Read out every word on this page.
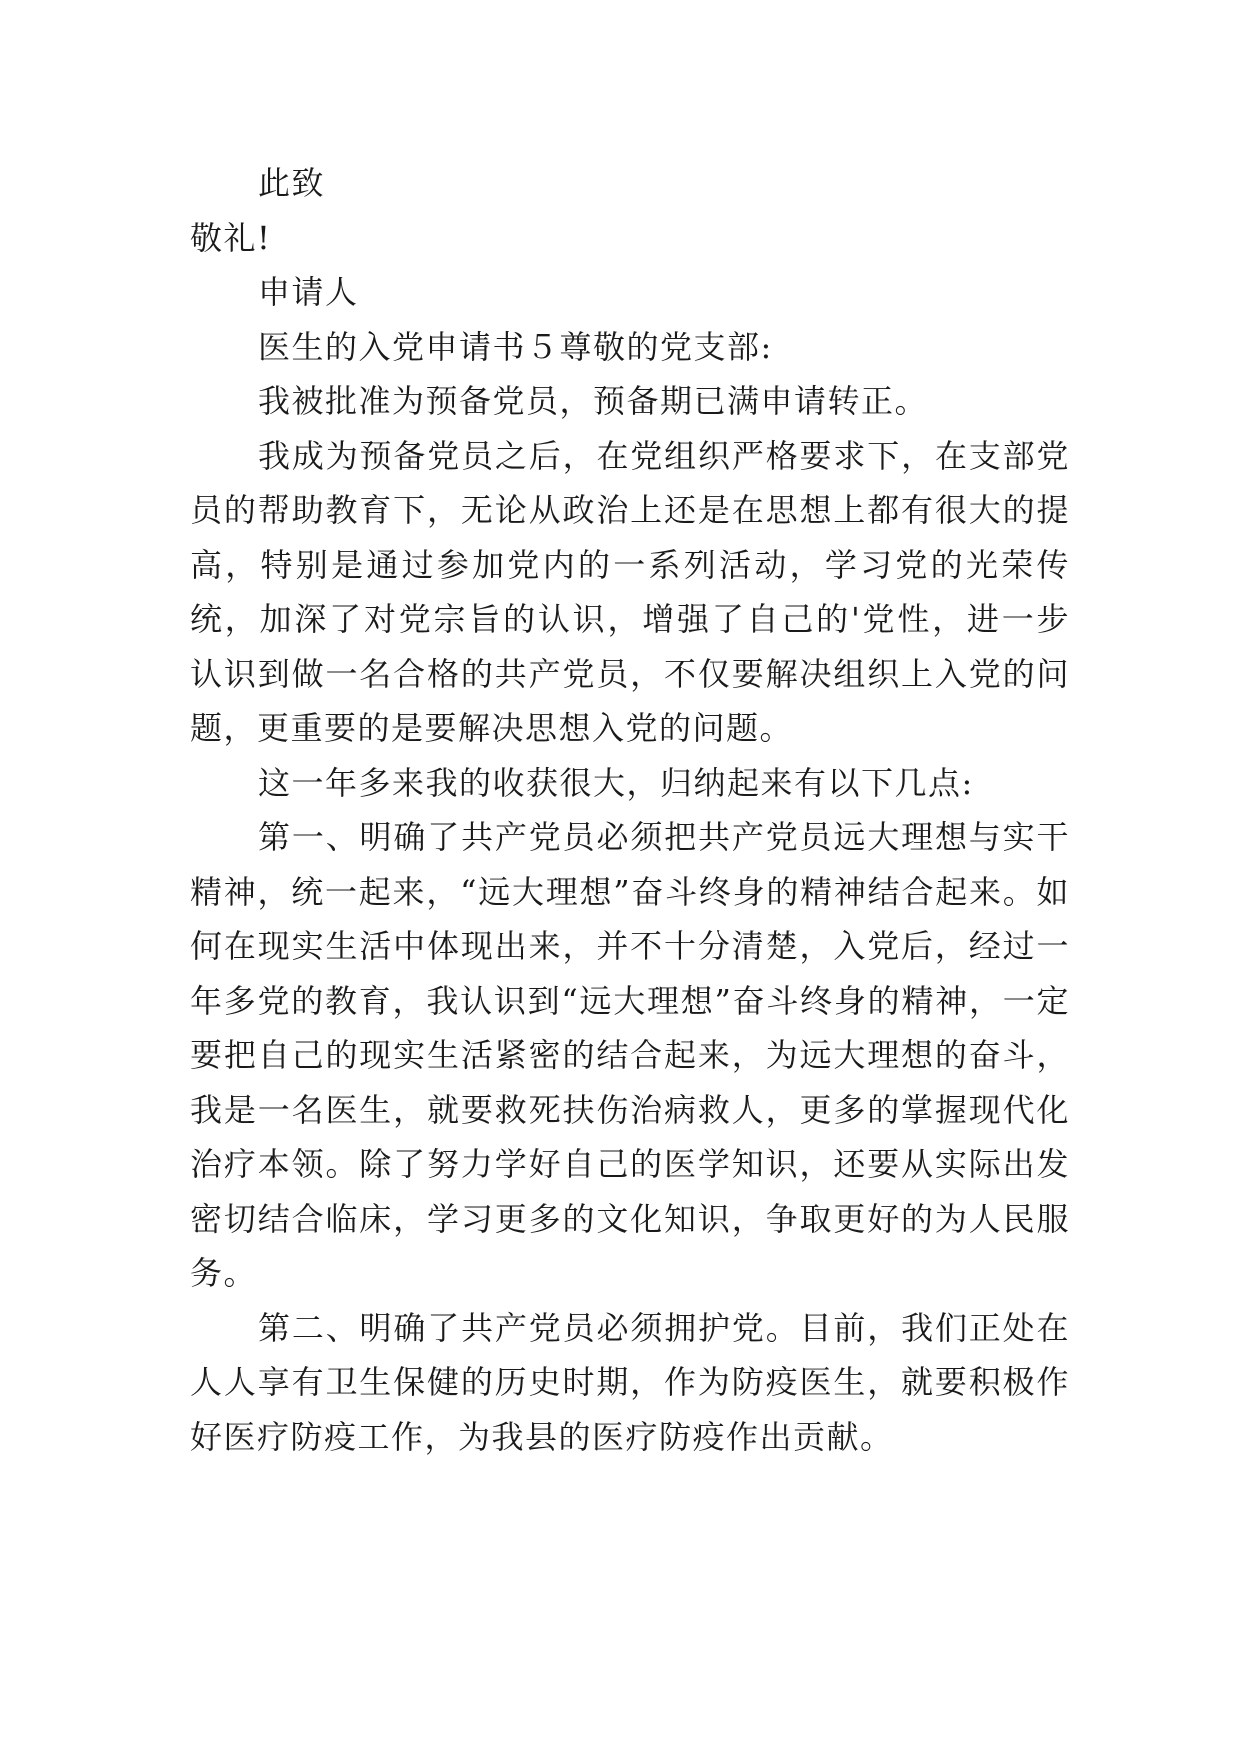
此致

敬礼!

申请人

医生的入党申请书５尊敬的党支部:

我被批准为预备党员，预备期已满申请转正。

我成为预备党员之后，在党组织严格要求下，在支部党员的帮助教育下，无论从政治上还是在思想上都有很大的提高，特别是通过参加党内的一系列活动，学习党的光荣传统，加深了对党宗旨的认识，增强了自己的'党性，进一步认识到做一名合格的共产党员，不仅要解决组织上入党的问题，更重要的是要解决思想入党的问题。

这一年多来我的收获很大，归纳起来有以下几点:

第一、明确了共产党员必须把共产党员远大理想与实干精神，统一起来，“远大理想”奋斗终身的精神结合起来。如何在现实生活中体现出来，并不十分清楚，入党后，经过一年多党的教育，我认识到“远大理想”奋斗终身的精神，一定要把自己的现实生活紧密的结合起来，为远大理想的奋斗，我是一名医生，就要救死扶伤治病救人，更多的掌握现代化治疗本领。除了努力学好自己的医学知识，还要从实际出发密切结合临床，学习更多的文化知识，争取更好的为人民服务。

第二、明确了共产党员必须拥护党。目前，我们正处在人人享有卫生保健的历史时期，作为防疫医生，就要积极作好医疗防疫工作，为我县的医疗防疫作出贡献。
